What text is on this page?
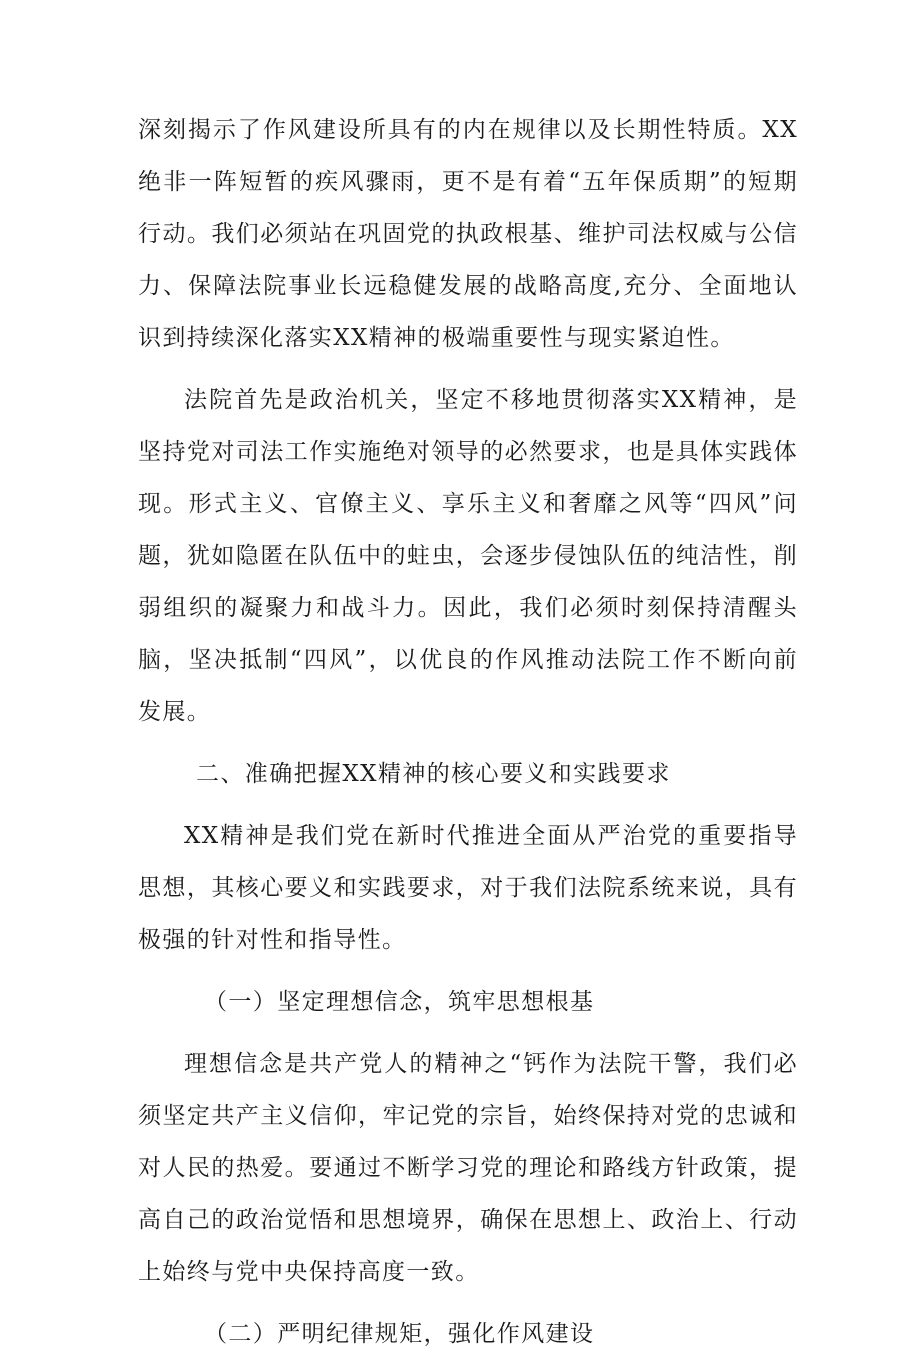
深刻揭示了作风建设所具有的内在规律以及长期性特质。XX绝非一阵短暂的疾风骤雨，更不是有着“五年保质期”的短期行动。我们必须站在巩固党的执政根基、维护司法权威与公信力、保障法院事业长远稳健发展的战略高度,充分、全面地认识到持续深化落实XX精神的极端重要性与现实紧迫性。

法院首先是政治机关，坚定不移地贯彻落实XX精神，是坚持党对司法工作实施绝对领导的必然要求，也是具体实践体现。形式主义、官僚主义、享乐主义和奢靡之风等“四风”问题，犹如隐匿在队伍中的蛀虫，会逐步侵蚀队伍的纯洁性，削弱组织的凝聚力和战斗力。因此，我们必须时刻保持清醒头脑，坚决抵制“四风”，以优良的作风推动法院工作不断向前发展。

二、准确把握XX精神的核心要义和实践要求

XX精神是我们党在新时代推进全面从严治党的重要指导思想，其核心要义和实践要求，对于我们法院系统来说，具有极强的针对性和指导性。

（一）坚定理想信念，筑牢思想根基

理想信念是共产党人的精神之“钙作为法院干警，我们必须坚定共产主义信仰，牢记党的宗旨，始终保持对党的忠诚和对人民的热爱。要通过不断学习党的理论和路线方针政策，提高自己的政治觉悟和思想境界，确保在思想上、政治上、行动上始终与党中央保持高度一致。

（二）严明纪律规矩，强化作风建设
